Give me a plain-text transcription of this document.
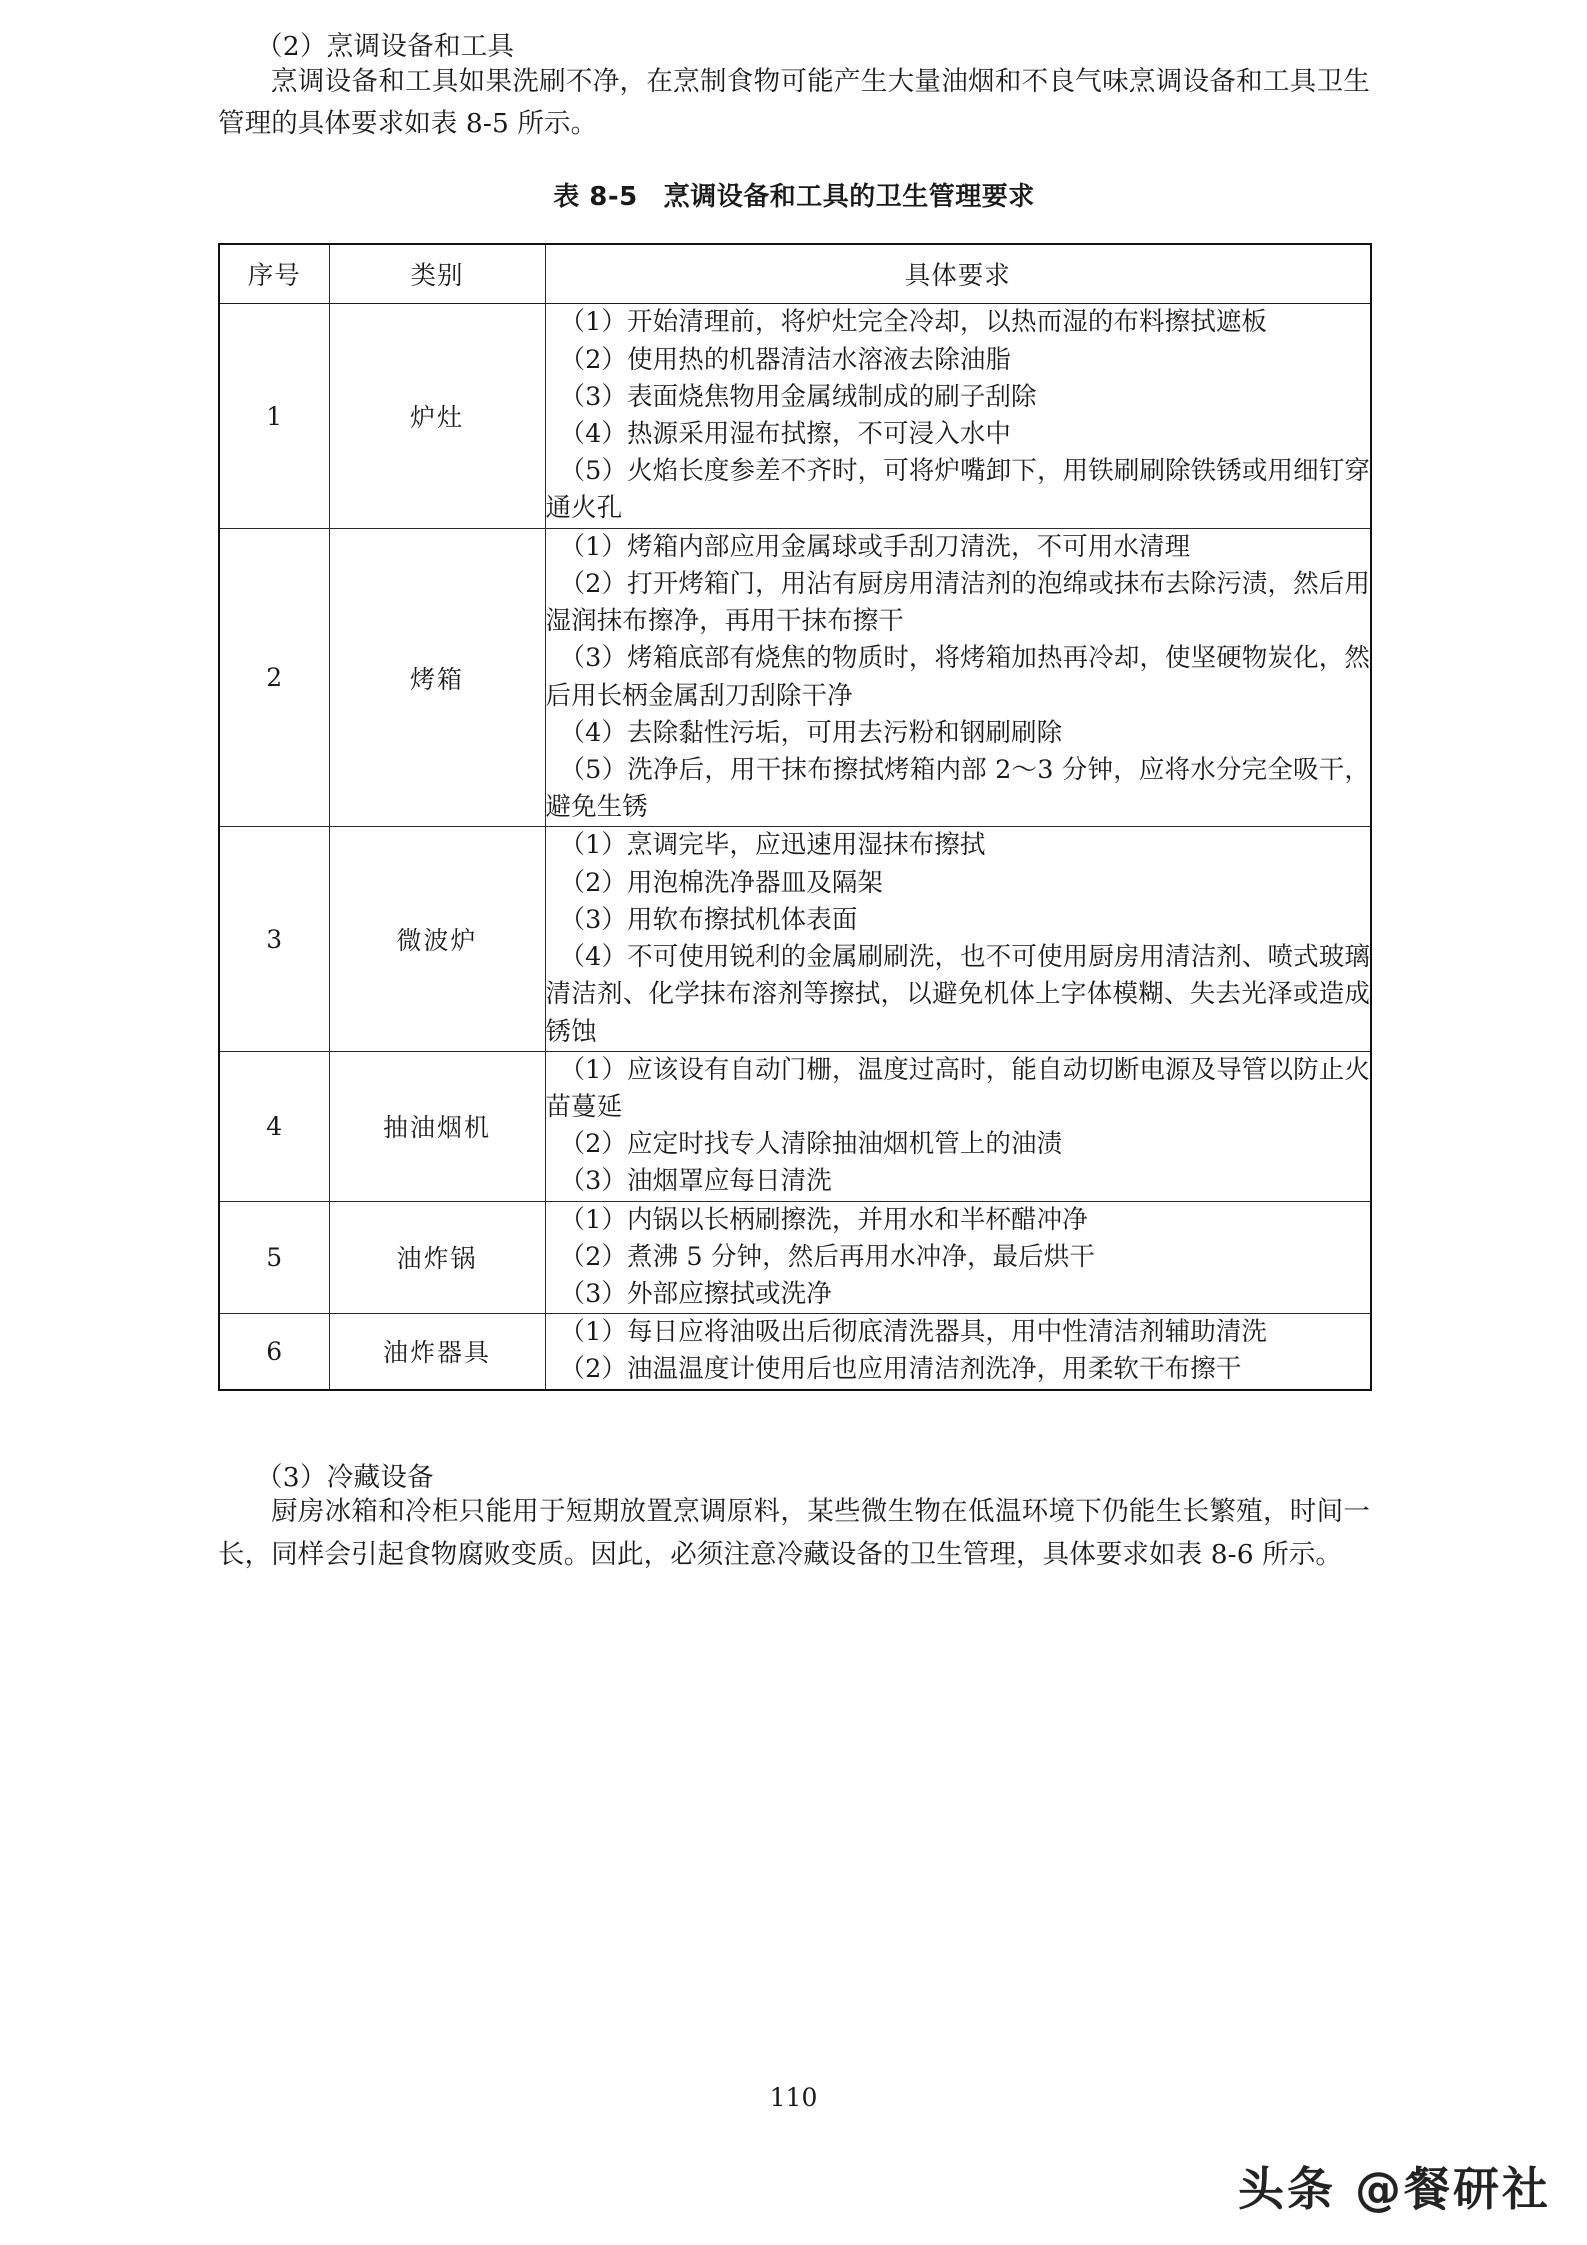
（2）烹调设备和工具

烹调设备和工具如果洗刷不净，在烹制食物可能产生大量油烟和不良气味烹调设备和工具卫生管理的具体要求如表 8-5 所示。

表 8-5 烹调设备和工具的卫生管理要求

序号	类别	具体要求
1	炉灶	
（1）开始清理前，将炉灶完全冷却，以热而湿的布料擦拭遮板
（2）使用热的机器清洁水溶液去除油脂
（3）表面烧焦物用金属绒制成的刷子刮除
（4）热源采用湿布拭擦，不可浸入水中
（5）火焰长度参差不齐时，可将炉嘴卸下，用铁刷刷除铁锈或用细钉穿通火孔

2	烤箱	
（1）烤箱内部应用金属球或手刮刀清洗，不可用水清理
（2）打开烤箱门，用沾有厨房用清洁剂的泡绵或抹布去除污渍，然后用湿润抹布擦净，再用干抹布擦干
（3）烤箱底部有烧焦的物质时，将烤箱加热再冷却，使坚硬物炭化，然后用长柄金属刮刀刮除干净
（4）去除黏性污垢，可用去污粉和钢刷刷除
（5）洗净后，用干抹布擦拭烤箱内部 2～3 分钟，应将水分完全吸干，避免生锈

3	微波炉	
（1）烹调完毕，应迅速用湿抹布擦拭
（2）用泡棉洗净器皿及隔架
（3）用软布擦拭机体表面
（4）不可使用锐利的金属刷刷洗，也不可使用厨房用清洁剂、喷式玻璃清洁剂、化学抹布溶剂等擦拭，以避免机体上字体模糊、失去光泽或造成锈蚀

4	抽油烟机	
（1）应该设有自动门栅，温度过高时，能自动切断电源及导管以防止火苗蔓延
（2）应定时找专人清除抽油烟机管上的油渍
（3）油烟罩应每日清洗

5	油炸锅	
（1）内锅以长柄刷擦洗，并用水和半杯醋冲净
（2）煮沸 5 分钟，然后再用水冲净，最后烘干
（3）外部应擦拭或洗净

6	油炸器具	
（1）每日应将油吸出后彻底清洗器具，用中性清洁剂辅助清洗
（2）油温温度计使用后也应用清洁剂洗净，用柔软干布擦干

（3）冷藏设备

厨房冰箱和冷柜只能用于短期放置烹调原料，某些微生物在低温环境下仍能生长繁殖，时间一长，同样会引起食物腐败变质。因此，必须注意冷藏设备的卫生管理，具体要求如表 8-6 所示。

110
头条 @餐研社
